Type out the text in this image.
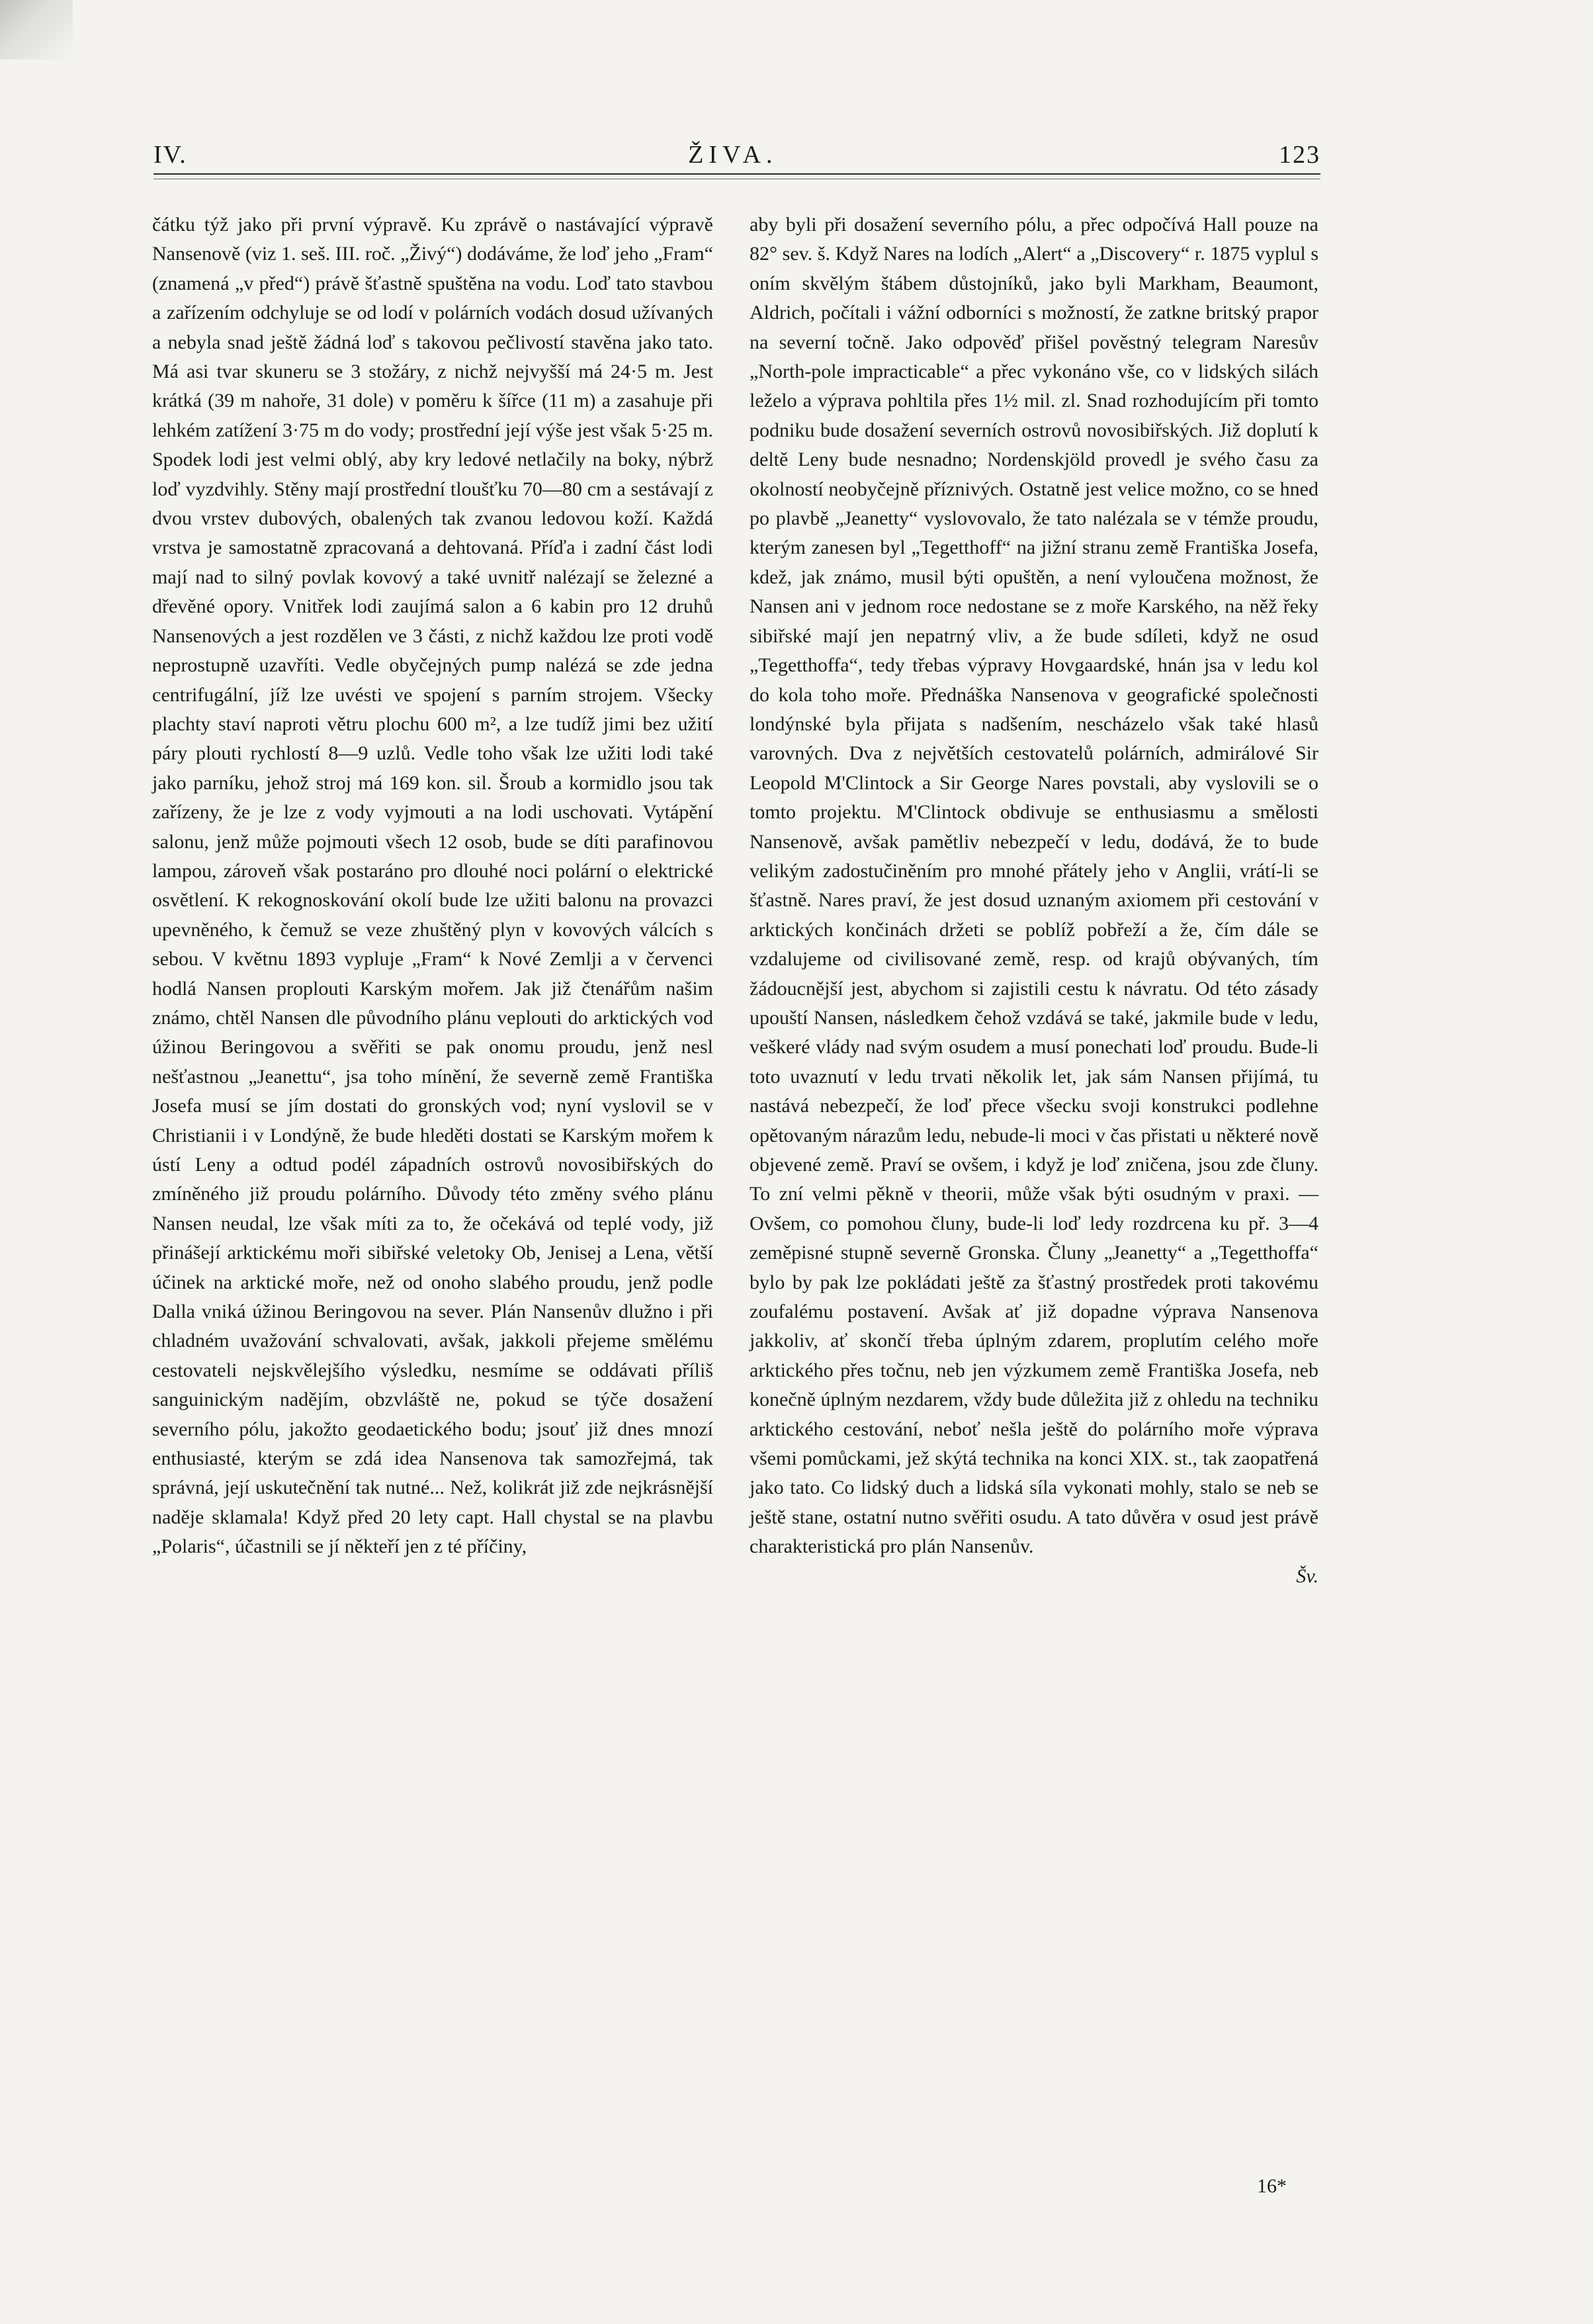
IV.	ŽIVA.	123

čátku týž jako při první výpravě. Ku zprávě o nastávající výpravě Nansenově (viz 1. seš. III. roč. „Živý“) dodáváme, že loď jeho „Fram“ (znamená „v před“) právě šťastně spuštěna na vodu. Loď tato stavbou a zařízením odchyluje se od lodí v polárních vodách dosud užívaných a nebyla snad ještě žádná loď s takovou pečlivostí stavěna jako tato. Má asi tvar skuneru se 3 stožáry, z nichž nejvyšší má 24·5 m. Jest krátká (39 m nahoře, 31 dole) v poměru k šířce (11 m) a zasahuje při lehkém zatížení 3·75 m do vody; prostřední její výše jest však 5·25 m. Spodek lodi jest velmi oblý, aby kry ledové netlačily na boky, nýbrž loď vyzdvihly. Stěny mají prostřední tloušťku 70—80 cm a sestávají z dvou vrstev dubových, obalených tak zvanou ledovou koží. Každá vrstva je samostatně zpracovaná a dehtovaná. Příďa i zadní část lodi mají nad to silný povlak kovový a také uvnitř nalézají se železné a dřevěné opory. Vnitřek lodi zaujímá salon a 6 kabin pro 12 druhů Nansenových a jest rozdělen ve 3 části, z nichž každou lze proti vodě neprostupně uzavříti. Vedle obyčejných pump nalézá se zde jedna centrifugální, jíž lze uvésti ve spojení s parním strojem. Všecky plachty staví naproti větru plochu 600 m², a lze tudíž jimi bez užití páry plouti rychlostí 8—9 uzlů. Vedle toho však lze užiti lodi také jako parníku, jehož stroj má 169 kon. sil. Šroub a kormidlo jsou tak zařízeny, že je lze z vody vyjmouti a na lodi uschovati. Vytápění salonu, jenž může pojmouti všech 12 osob, bude se díti parafinovou lampou, zároveň však postaráno pro dlouhé noci polární o elektrické osvětlení. K rekognoskování okolí bude lze užiti balonu na provazci upevněného, k čemuž se veze zhuštěný plyn v kovových válcích s sebou. V květnu 1893 vypluje „Fram“ k Nové Zemlji a v červenci hodlá Nansen proplouti Karským mořem. Jak již čtenářům našim známo, chtěl Nansen dle původního plánu veplouti do arktických vod úžinou Beringovou a svěřiti se pak onomu proudu, jenž nesl nešťastnou „Jeanettu“, jsa toho mínění, že severně země Františka Josefa musí se jím dostati do gronských vod; nyní vyslovil se v Christianii i v Londýně, že bude hleděti dostati se Karským mořem k ústí Leny a odtud podél západních ostrovů novosibiřských do zmíněného již proudu polárního. Důvody této změny svého plánu Nansen neudal, lze však míti za to, že očekává od teplé vody, již přinášejí arktickému moři sibiřské veletoky Ob, Jenisej a Lena, větší účinek na arktické moře, než od onoho slabého proudu, jenž podle Dalla vniká úžinou Beringovou na sever. Plán Nansenův dlužno i při chladném uvažování schvalovati, avšak, jakkoli přejeme smělému cestovateli nejskvělejšího výsledku, nesmíme se oddávati příliš sanguinickým nadějím, obzvláště ne, pokud se týče dosažení severního pólu, jakožto geodaetického bodu; jsouť již dnes mnozí enthusiasté, kterým se zdá idea Nansenova tak samozřejmá, tak správná, její uskutečnění tak nutné... Než, kolikrát již zde nejkrásnější naděje sklamala! Když před 20 lety capt. Hall chystal se na plavbu „Polaris“, účastnili se jí někteří jen z té příčiny,

aby byli při dosažení severního pólu, a přec odpočívá Hall pouze na 82° sev. š. Když Nares na lodích „Alert“ a „Discovery“ r. 1875 vyplul s oním skvělým štábem důstojníků, jako byli Markham, Beaumont, Aldrich, počítali i vážní odborníci s možností, že zatkne britský prapor na severní točně. Jako odpověď přišel pověstný telegram Naresův „North-pole impracticable“ a přec vykonáno vše, co v lidských silách leželo a výprava pohltila přes 1½ mil. zl. Snad rozhodujícím při tomto podniku bude dosažení severních ostrovů novosibiřských. Již doplutí k deltě Leny bude nesnadno; Nordenskjöld provedl je svého času za okolností neobyčejně příznivých. Ostatně jest velice možno, co se hned po plavbě „Jeanetty“ vyslovovalo, že tato nalézala se v témže proudu, kterým zanesen byl „Tegetthoff“ na jižní stranu země Františka Josefa, kdež, jak známo, musil býti opuštěn, a není vyloučena možnost, že Nansen ani v jednom roce nedostane se z moře Karského, na něž řeky sibiřské mají jen nepatrný vliv, a že bude sdíleti, když ne osud „Tegetthoffa“, tedy třebas výpravy Hovgaardské, hnán jsa v ledu kol do kola toho moře. Přednáška Nansenova v geografické společnosti londýnské byla přijata s nadšením, nescházelo však také hlasů varovných. Dva z největších cestovatelů polárních, admirálové Sir Leopold M'Clintock a Sir George Nares povstali, aby vyslovili se o tomto projektu. M'Clintock obdivuje se enthusiasmu a smělosti Nansenově, avšak pamětliv nebezpečí v ledu, dodává, že to bude velikým zadostučiněním pro mnohé přátely jeho v Anglii, vrátí-li se šťastně. Nares praví, že jest dosud uznaným axiomem při cestování v arktických končinách držeti se poblíž pobřeží a že, čím dále se vzdalujeme od civilisované země, resp. od krajů obývaných, tím žádoucnější jest, abychom si zajistili cestu k návratu. Od této zásady upouští Nansen, následkem čehož vzdává se také, jakmile bude v ledu, veškeré vlády nad svým osudem a musí ponechati loď proudu. Bude-li toto uvaznutí v ledu trvati několik let, jak sám Nansen přijímá, tu nastává nebezpečí, že loď přece všecku svoji konstrukci podlehne opětovaným nárazům ledu, nebude-li moci v čas přistati u některé nově objevené země. Praví se ovšem, i když je loď zničena, jsou zde čluny. To zní velmi pěkně v theorii, může však býti osudným v praxi. — Ovšem, co pomohou čluny, bude-li loď ledy rozdrcena ku př. 3—4 zeměpisné stupně severně Gronska. Čluny „Jeanetty“ a „Tegetthoffa“ bylo by pak lze pokládati ještě za šťastný prostředek proti takovému zoufalému postavení. Avšak ať již dopadne výprava Nansenova jakkoliv, ať skončí třeba úplným zdarem, proplutím celého moře arktického přes točnu, neb jen výzkumem země Františka Josefa, neb konečně úplným nezdarem, vždy bude důležita již z ohledu na techniku arktického cestování, neboť nešla ještě do polárního moře výprava všemi pomůckami, jež skýtá technika na konci XIX. st., tak zaopatřená jako tato. Co lidský duch a lidská síla vykonati mohly, stalo se neb se ještě stane, ostatní nutno svěřiti osudu. A tato důvěra v osud jest právě charakteristická pro plán Nansenův.

Šv.

16*
